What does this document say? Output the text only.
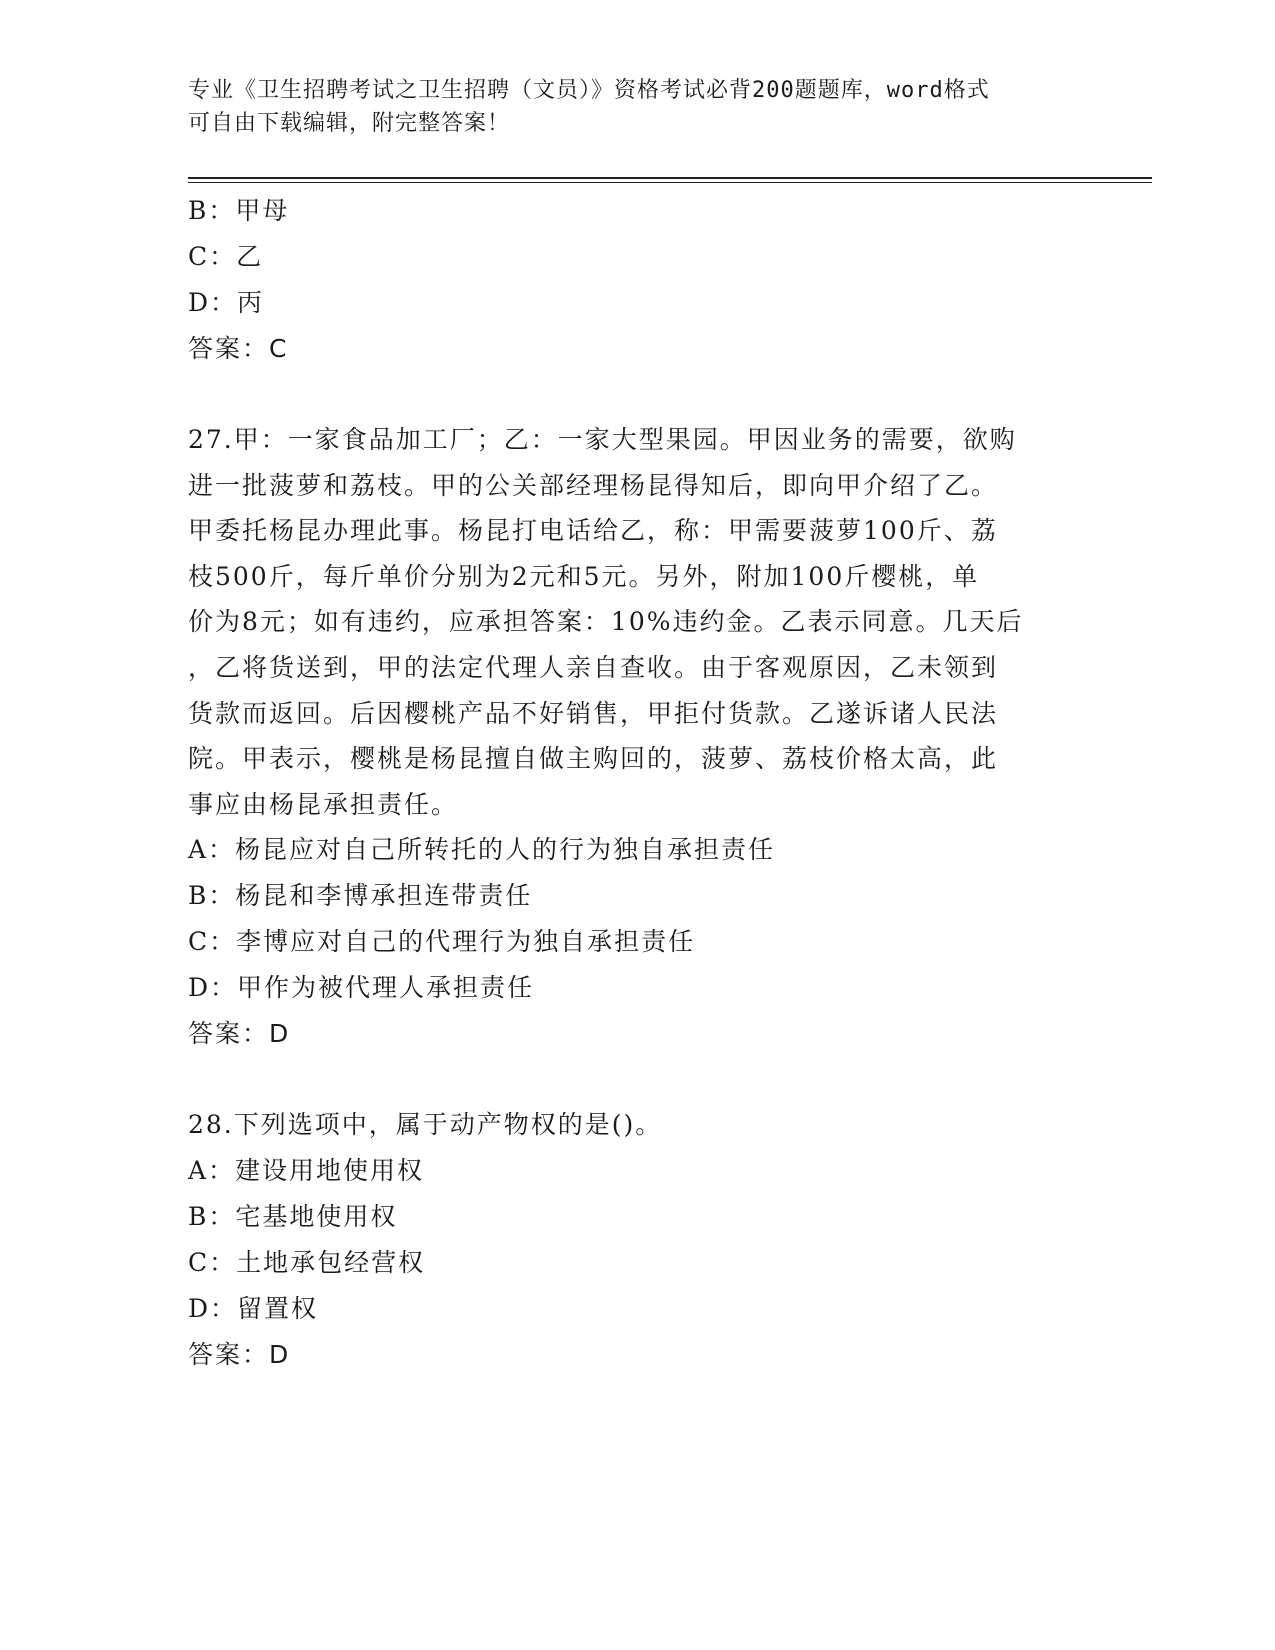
专业《卫生招聘考试之卫生招聘（文员）》资格考试必背200题题库，word格式
可自由下载编辑，附完整答案！
B：甲母
C：乙
D：丙
答案：C
27.甲：一家食品加工厂；乙：一家大型果园。甲因业务的需要，欲购
进一批菠萝和荔枝。甲的公关部经理杨昆得知后，即向甲介绍了乙。
甲委托杨昆办理此事。杨昆打电话给乙，称：甲需要菠萝100斤、荔
枝500斤，每斤单价分别为2元和5元。另外，附加100斤樱桃，单
价为8元；如有违约，应承担答案：10%违约金。乙表示同意。几天后
，乙将货送到，甲的法定代理人亲自查收。由于客观原因，乙未领到
货款而返回。后因樱桃产品不好销售，甲拒付货款。乙遂诉诸人民法
院。甲表示，樱桃是杨昆擅自做主购回的，菠萝、荔枝价格太高，此
事应由杨昆承担责任。
A：杨昆应对自己所转托的人的行为独自承担责任
B：杨昆和李博承担连带责任
C：李博应对自己的代理行为独自承担责任
D：甲作为被代理人承担责任
答案：D
28.下列选项中，属于动产物权的是()。
A：建设用地使用权
B：宅基地使用权
C：土地承包经营权
D：留置权
答案：D
